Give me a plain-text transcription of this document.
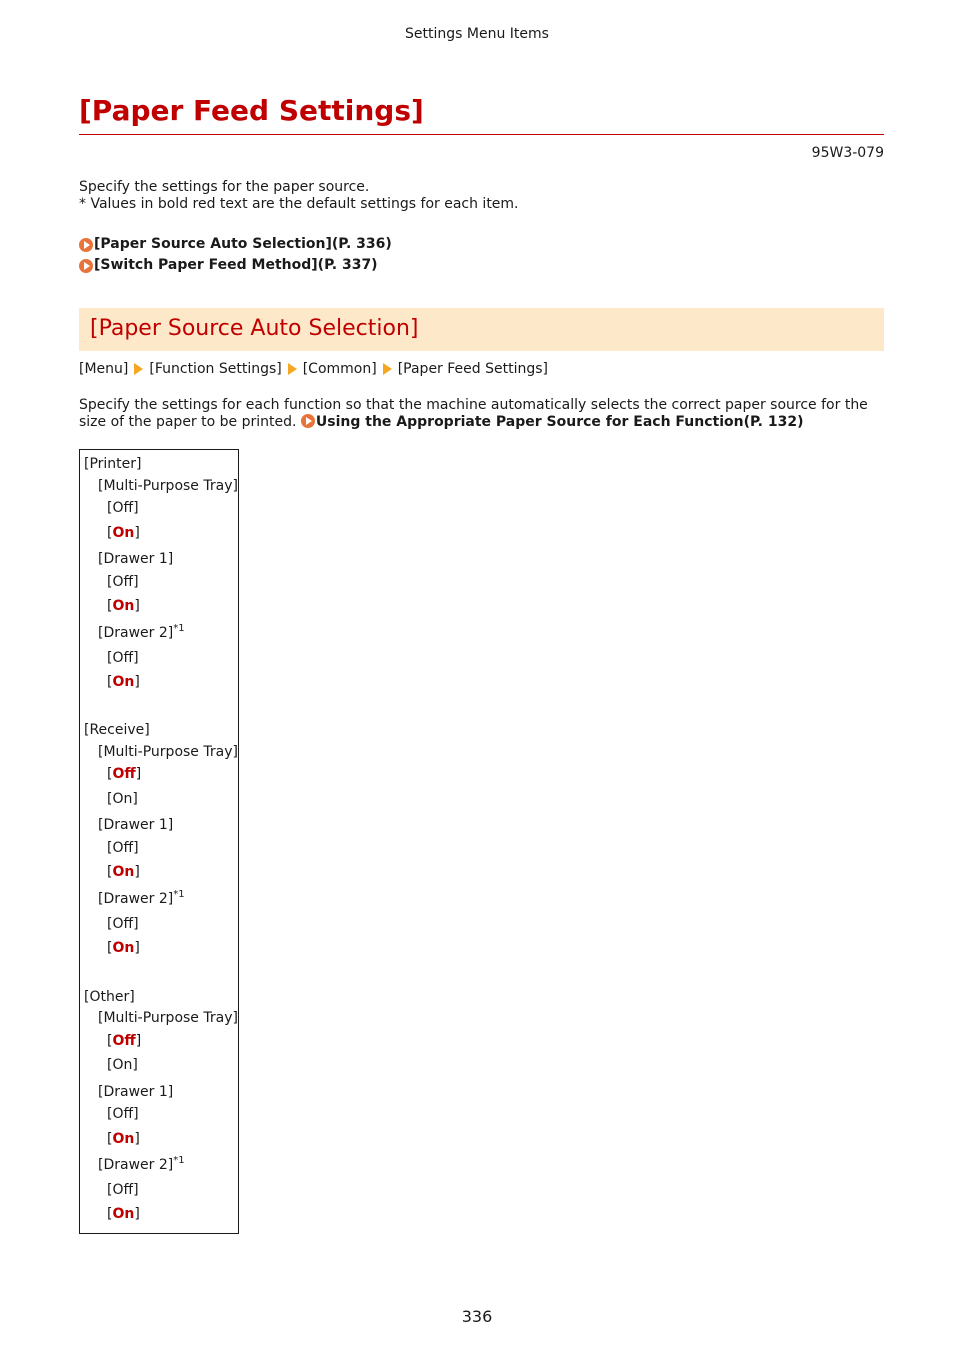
Settings Menu Items
[Paper Feed Settings]
95W3-079
Specify the settings for the paper source.
* Values in bold red text are the default settings for each item.
[Paper Source Auto Selection](P. 336)
[Switch Paper Feed Method](P. 337)
[Paper Source Auto Selection]
[Menu] [Function Settings] [Common] [Paper Feed Settings]
Specify the settings for each function so that the machine automatically selects the correct paper source for the size of the paper to be printed. Using the Appropriate Paper Source for Each Function(P. 132)
[Printer]
[Multi-Purpose Tray]
[Off]
[On]
[Drawer 1]
[Off]
[On]
[Drawer 2]$^{*1}$
[Off]
[On]
[Receive]
[Multi-Purpose Tray]
[Off]
[On]
[Drawer 1]
[Off]
[On]
[Drawer 2]$^{*1}$
[Off]
[On]
[Other]
[Multi-Purpose Tray]
[Off]
[On]
[Drawer 1]
[Off]
[On]
[Drawer 2]$^{*1}$
[Off]
[On]
336
